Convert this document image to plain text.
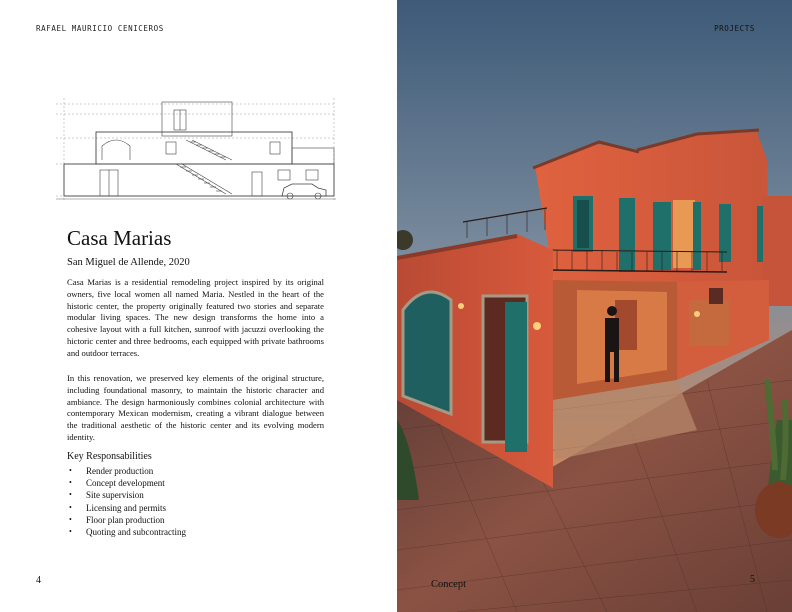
RAFAEL MAURICIO CENICEROS
Casa Marias
San Miguel de Allende, 2020

Casa Marias is a residential remodeling project inspired by its original owners, five local women all named Maria. Nestled in the heart of the historic center, the property originally featured two stories and separate modular living spaces. The new design transforms the home into a cohesive layout with a full kitchen, sunroof with jacuzzi overlooking the hictoric center and three bedrooms, each equipped with private bathrooms and outdoor terraces.

In this renovation, we preserved key elements of the original structure, including foundational masonry, to maintain the historic character and ambiance. The design harmoniously combines colonial architecture with contemporary Mexican modernism, creating a vibrant dialogue between the traditional aesthetic of the historic center and its evolving modern identity.

Key Responsabilities
• Render production
• Concept development
• Site supervision
• Licensing and permits
• Floor plan production
• Quoting and subcontracting
4
PROJECTS
5
Concept
